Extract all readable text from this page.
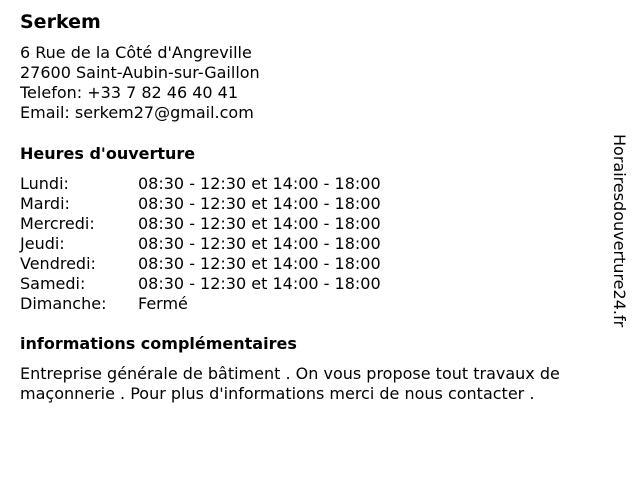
Serkem
6 Rue de la Côté d'Angreville
27600 Saint-Aubin-sur-Gaillon
Telefon: +33 7 82 46 40 41
Email: serkem27@gmail.com
Heures d'ouverture
Lundi:	08:30 - 12:30 et 14:00 - 18:00
Mardi:	08:30 - 12:30 et 14:00 - 18:00
Mercredi:	08:30 - 12:30 et 14:00 - 18:00
Jeudi:	08:30 - 12:30 et 14:00 - 18:00
Vendredi:	08:30 - 12:30 et 14:00 - 18:00
Samedi:	08:30 - 12:30 et 14:00 - 18:00
Dimanche:	Fermé
informations complémentaires

Entreprise générale de bâtiment . On vous propose tout travaux de maçonnerie . Pour plus d'informations merci de nous contacter .

Horairesdouverture24.fr
